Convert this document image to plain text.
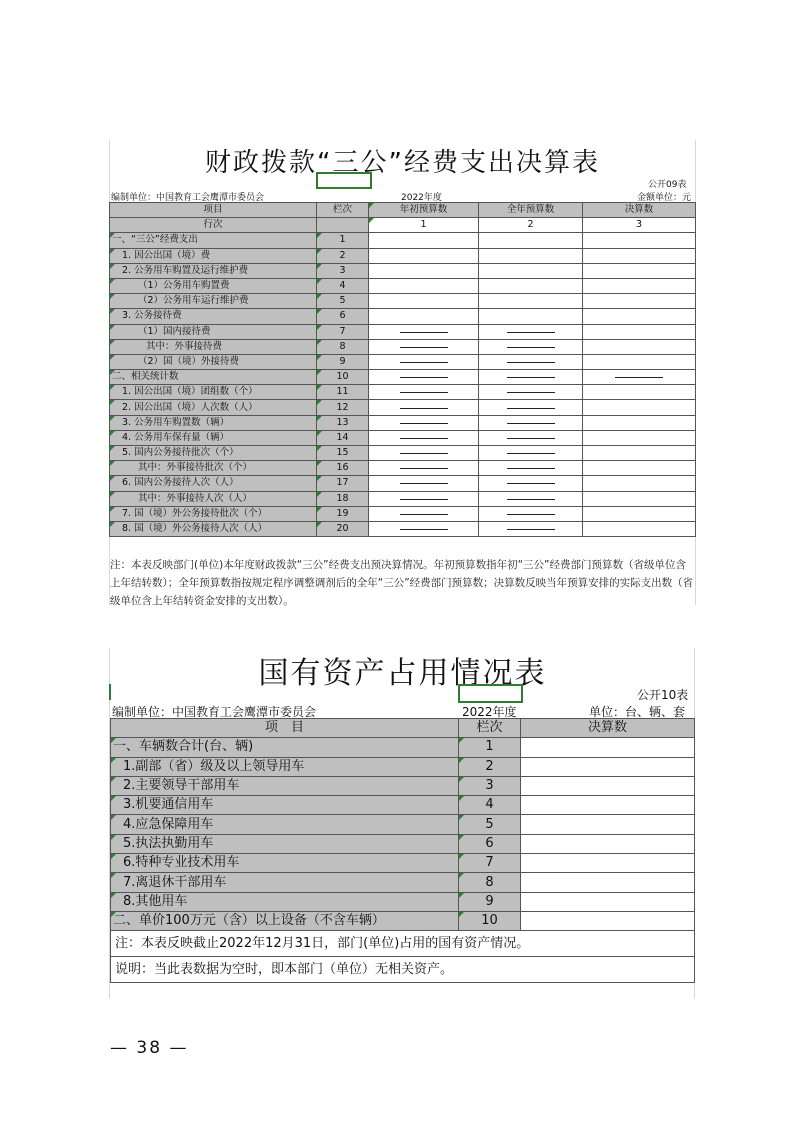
财政拨款“三公”经费支出决算表
公开09表
编制单位：中国教育工会鹰潭市委员会	2022年度	金额单位：元
项目	栏次	年初预算数	全年预算数	决算数
行次		1	2	3
一、“三公”经费支出	1			
1. 因公出国（境）费	2			
2. 公务用车购置及运行维护费	3			
（1）公务用车购置费	4			
（2）公务用车运行维护费	5			
3. 公务接待费	6			
（1）国内接待费	7			
其中：外事接待费	8			
（2）国（境）外接待费	9			
二、相关统计数	10			
1. 因公出国（境）团组数（个）	11			
2. 因公出国（境）人次数（人）	12			
3. 公务用车购置数（辆）	13			
4. 公务用车保有量（辆）	14			
5. 国内公务接待批次（个）	15			
其中：外事接待批次（个）	16			
6. 国内公务接待人次（人）	17			
其中：外事接待人次（人）	18			
7. 国（境）外公务接待批次（个）	19			
8. 国（境）外公务接待人次（人）	20			
注：本表反映部门(单位)本年度财政拨款“三公”经费支出预决算情况。年初预算数指年初“三公”经费部门预算数（省级单位含上年结转数）；全年预算数指按规定程序调整调剂后的全年“三公”经费部门预算数；决算数反映当年预算安排的实际支出数（省级单位含上年结转资金安排的支出数）。
国有资产占用情况表
公开10表
编制单位：中国教育工会鹰潭市委员会	2022年度	单位：台、辆、套
项　目	栏次	决算数
一、车辆数合计(台、辆)	1	
1.副部（省）级及以上领导用车	2	
2.主要领导干部用车	3	
3.机要通信用车	4	
4.应急保障用车	5	
5.执法执勤用车	6	
6.特种专业技术用车	7	
7.离退休干部用车	8	
8.其他用车	9	
二、单价100万元（含）以上设备（不含车辆）	10	
注：本表反映截止2022年12月31日，部门(单位)占用的国有资产情况。		
说明：当此表数据为空时，即本部门（单位）无相关资产。		
— 38 —
